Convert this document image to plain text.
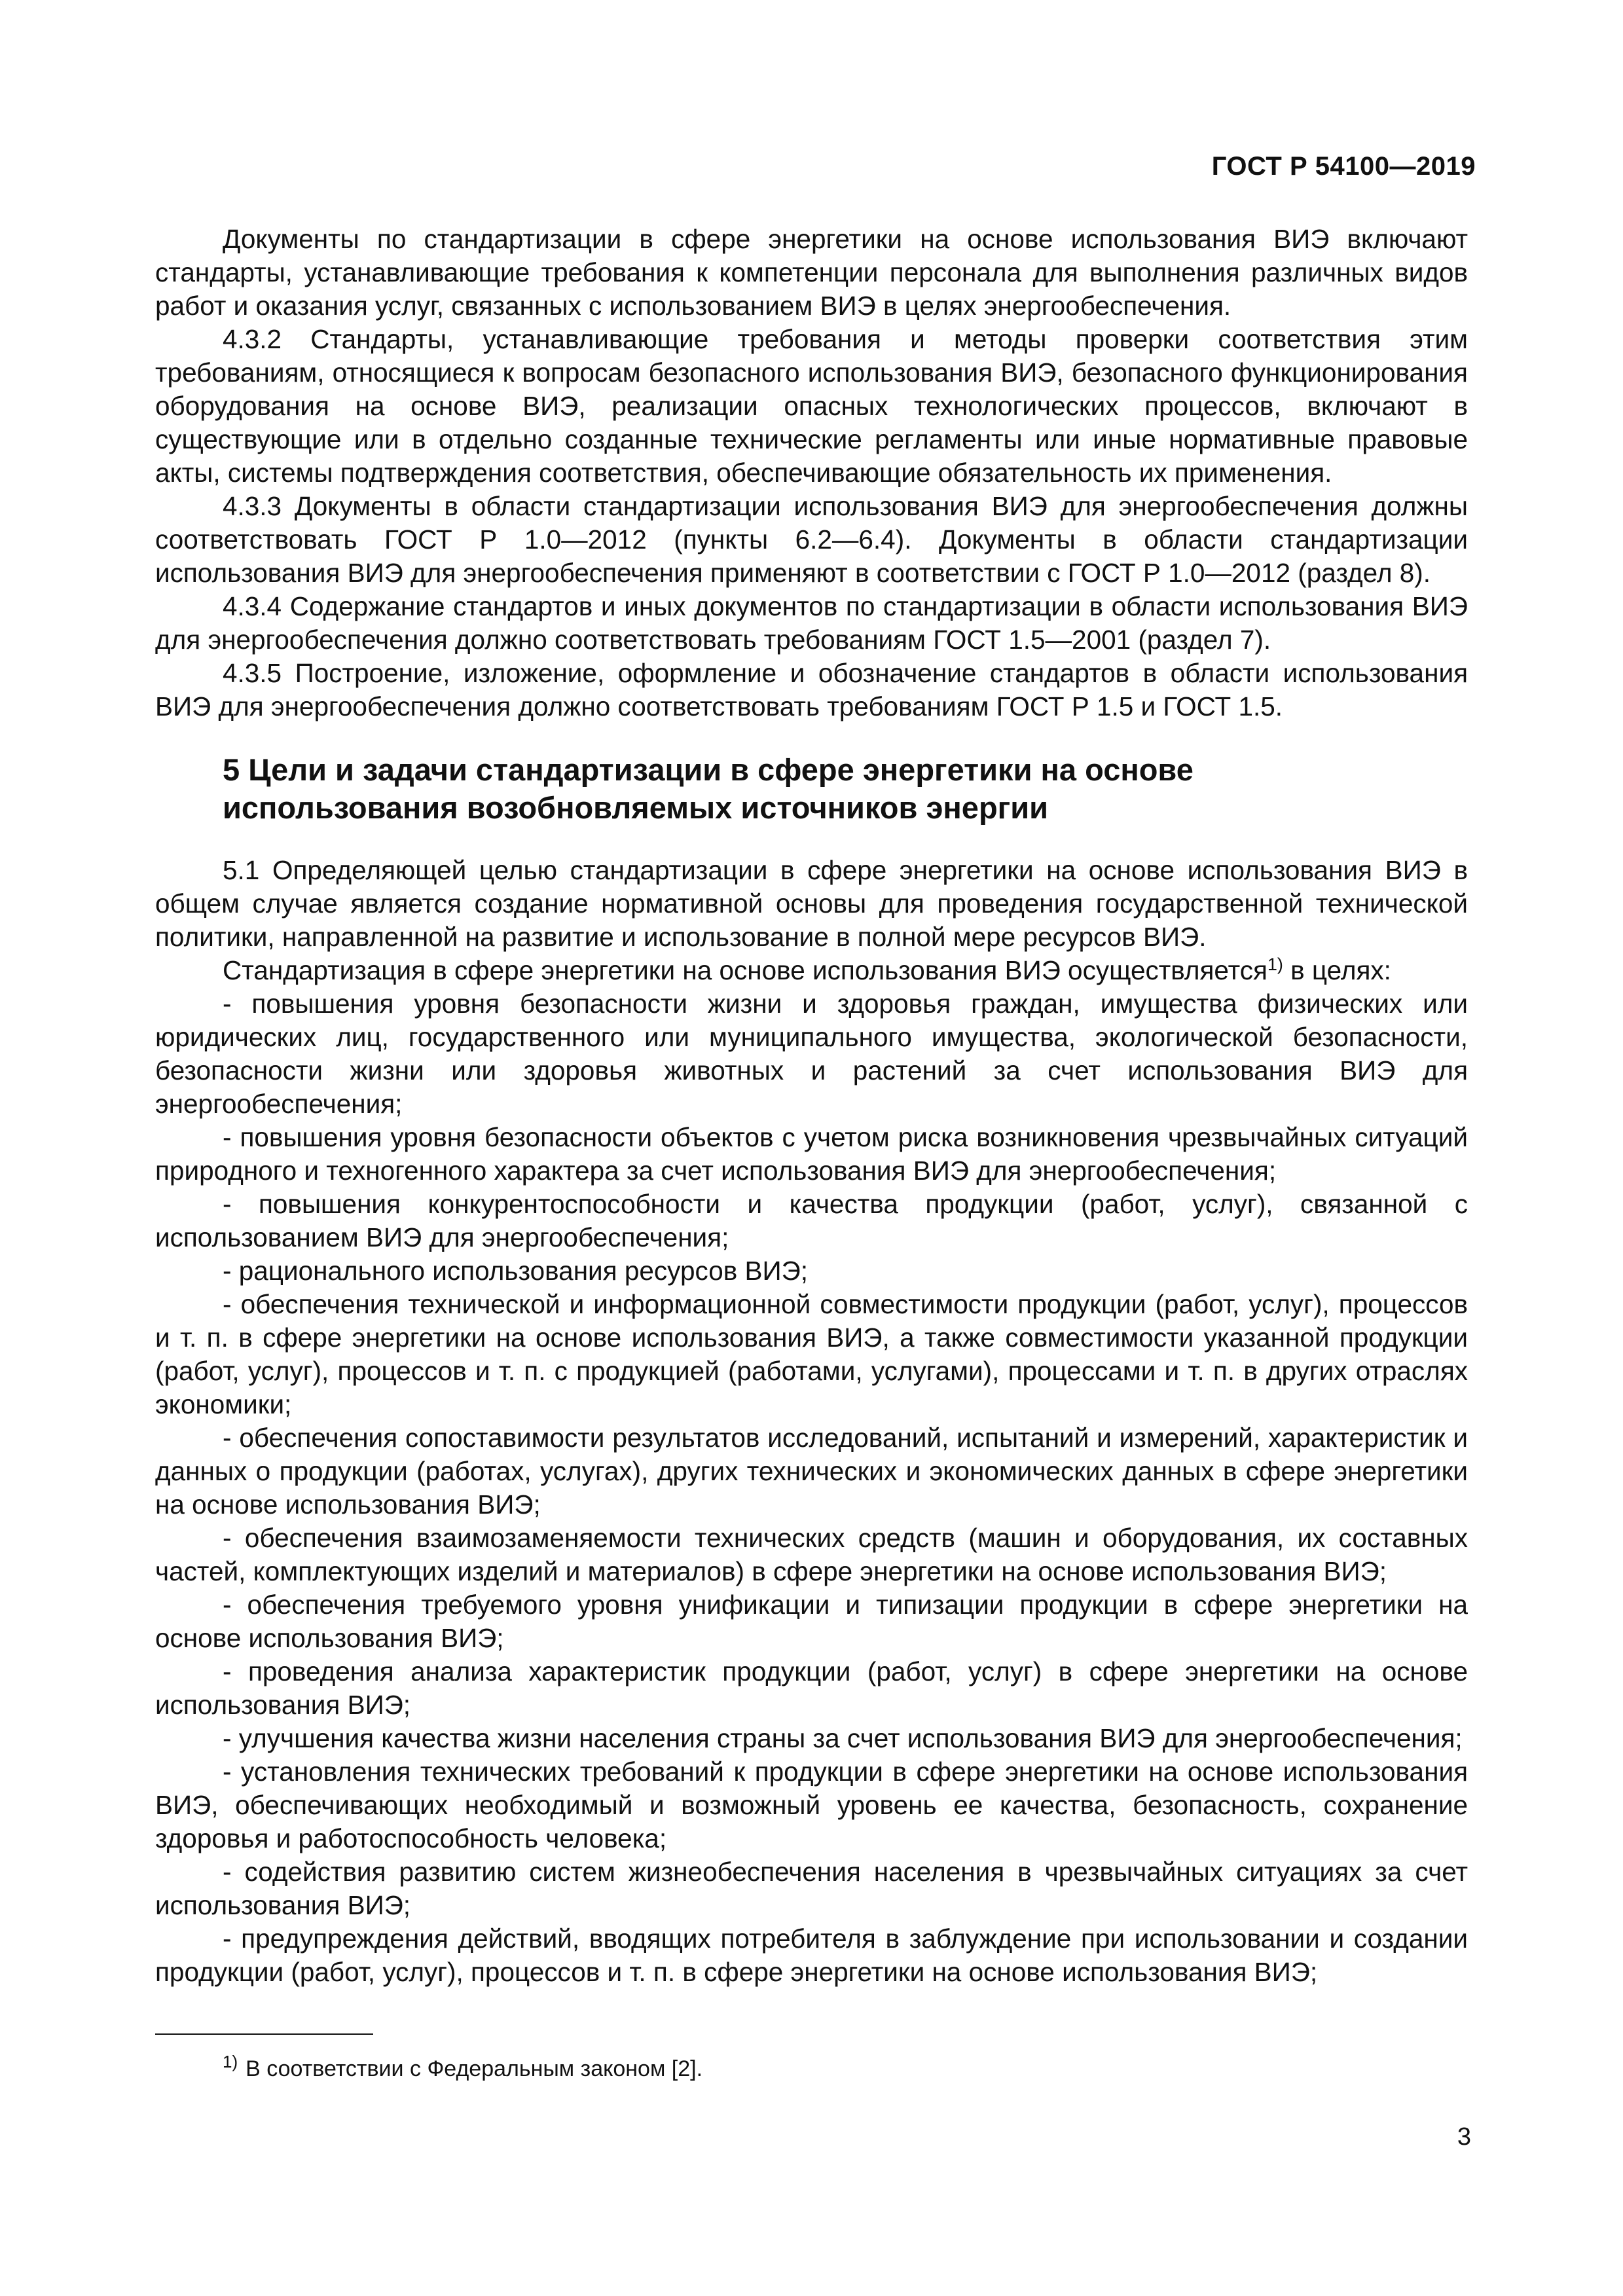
ГОСТ Р 54100—2019

Документы по стандартизации в сфере энергетики на основе использования ВИЭ включают стандарты, устанавливающие требования к компетенции персонала для выполнения различных видов работ и оказания услуг, связанных с использованием ВИЭ в целях энергообеспечения.

4.3.2 Стандарты, устанавливающие требования и методы проверки соответствия этим требованиям, относящиеся к вопросам безопасного использования ВИЭ, безопасного функционирования оборудования на основе ВИЭ, реализации опасных технологических процессов, включают в существующие или в отдельно созданные технические регламенты или иные нормативные правовые акты, системы подтверждения соответствия, обеспечивающие обязательность их применения.

4.3.3 Документы в области стандартизации использования ВИЭ для энергообеспечения должны соответствовать ГОСТ Р 1.0—2012 (пункты 6.2—6.4). Документы в области стандартизации использования ВИЭ для энергообеспечения применяют в соответствии с ГОСТ Р 1.0—2012 (раздел 8).

4.3.4 Содержание стандартов и иных документов по стандартизации в области использования ВИЭ для энергообеспечения должно соответствовать требованиям ГОСТ 1.5—2001 (раздел 7).

4.3.5 Построение, изложение, оформление и обозначение стандартов в области использования ВИЭ для энергообеспечения должно соответствовать требованиям ГОСТ Р 1.5 и ГОСТ 1.5.

5 Цели и задачи стандартизации в сфере энергетики на основе
использования возобновляемых источников энергии

5.1 Определяющей целью стандартизации в сфере энергетики на основе использования ВИЭ в общем случае является создание нормативной основы для проведения государственной технической политики, направленной на развитие и использование в полной мере ресурсов ВИЭ.

Стандартизация в сфере энергетики на основе использования ВИЭ осуществляется$^{1)}$ в целях:

- повышения уровня безопасности жизни и здоровья граждан, имущества физических или юридических лиц, государственного или муниципального имущества, экологической безопасности, безопасности жизни или здоровья животных и растений за счет использования ВИЭ для энергообеспечения;

- повышения уровня безопасности объектов с учетом риска возникновения чрезвычайных ситуаций природного и техногенного характера за счет использования ВИЭ для энергообеспечения;

- повышения конкурентоспособности и качества продукции (работ, услуг), связанной с использованием ВИЭ для энергообеспечения;

- рационального использования ресурсов ВИЭ;

- обеспечения технической и информационной совместимости продукции (работ, услуг), процессов и т. п. в сфере энергетики на основе использования ВИЭ, а также совместимости указанной продукции (работ, услуг), процессов и т. п. с продукцией (работами, услугами), процессами и т. п. в других отраслях экономики;

- обеспечения сопоставимости результатов исследований, испытаний и измерений, характеристик и данных о продукции (работах, услугах), других технических и экономических данных в сфере энергетики на основе использования ВИЭ;

- обеспечения взаимозаменяемости технических средств (машин и оборудования, их составных частей, комплектующих изделий и материалов) в сфере энергетики на основе использования ВИЭ;

- обеспечения требуемого уровня унификации и типизации продукции в сфере энергетики на основе использования ВИЭ;

- проведения анализа характеристик продукции (работ, услуг) в сфере энергетики на основе использования ВИЭ;

- улучшения качества жизни населения страны за счет использования ВИЭ для энергообеспечения;

- установления технических требований к продукции в сфере энергетики на основе использования ВИЭ, обеспечивающих необходимый и возможный уровень ее качества, безопасность, сохранение здоровья и работоспособность человека;

- содействия развитию систем жизнеобеспечения населения в чрезвычайных ситуациях за счет использования ВИЭ;

- предупреждения действий, вводящих потребителя в заблуждение при использовании и создании продукции (работ, услуг), процессов и т. п. в сфере энергетики на основе использования ВИЭ;

$^{1)}$ В соответствии с Федеральным законом [2].
3
